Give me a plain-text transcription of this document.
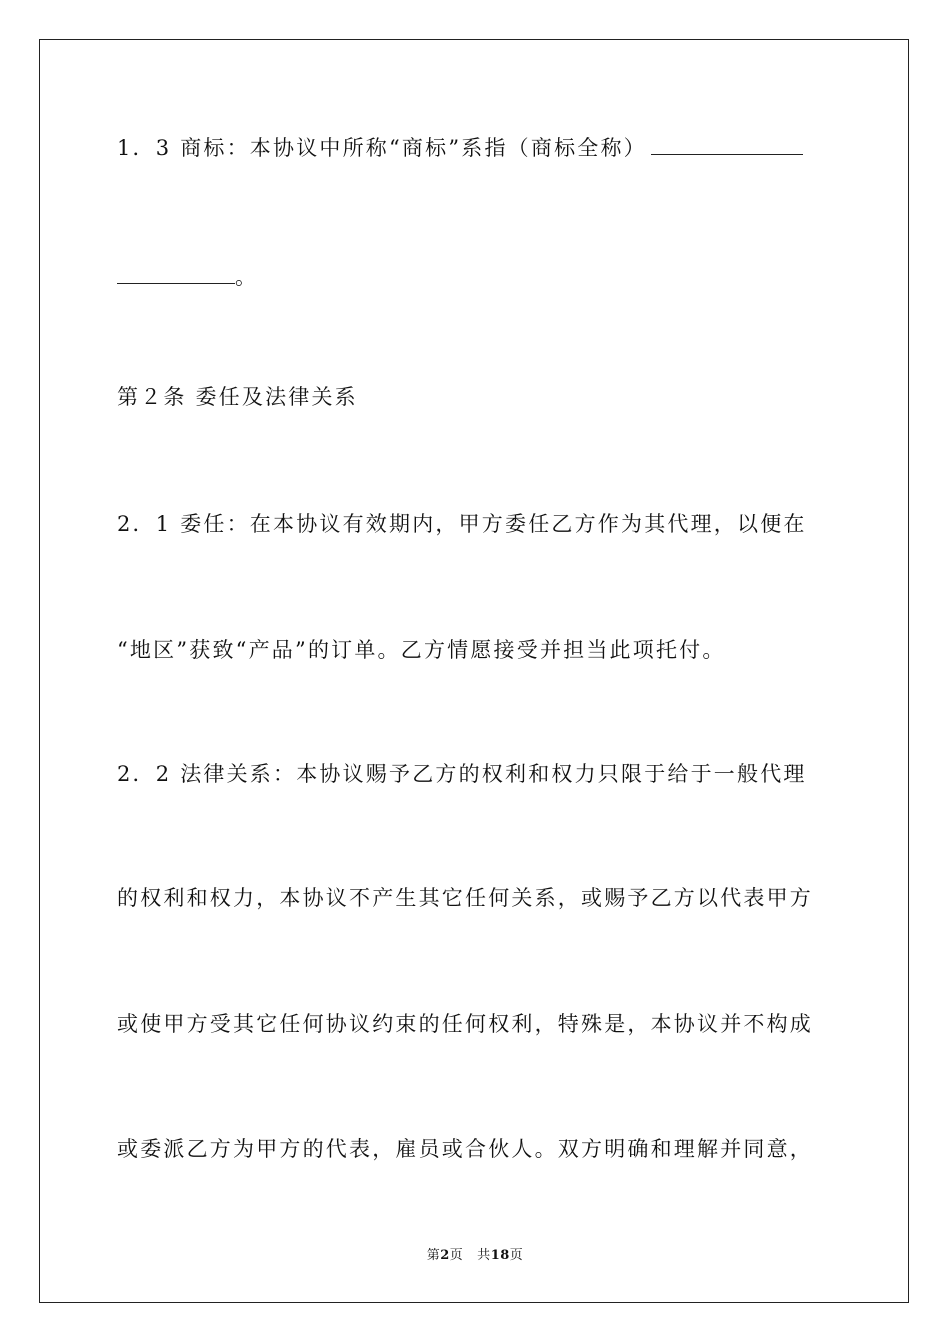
1．3 商标：本协议中所称“商标”系指（商标全称）
。
第２条 委任及法律关系
2．1 委任：在本协议有效期内，甲方委任乙方作为其代理，以便在
“地区”获致“产品”的订单。乙方情愿接受并担当此项托付。
2．2 法律关系：本协议赐予乙方的权利和权力只限于给于一般代理
的权利和权力，本协议不产生其它任何关系，或赐予乙方以代表甲方
或使甲方受其它任何协议约束的任何权利，特殊是，本协议并不构成
或委派乙方为甲方的代表，雇员或合伙人。双方明确和理解并同意，
第2页 共18页
